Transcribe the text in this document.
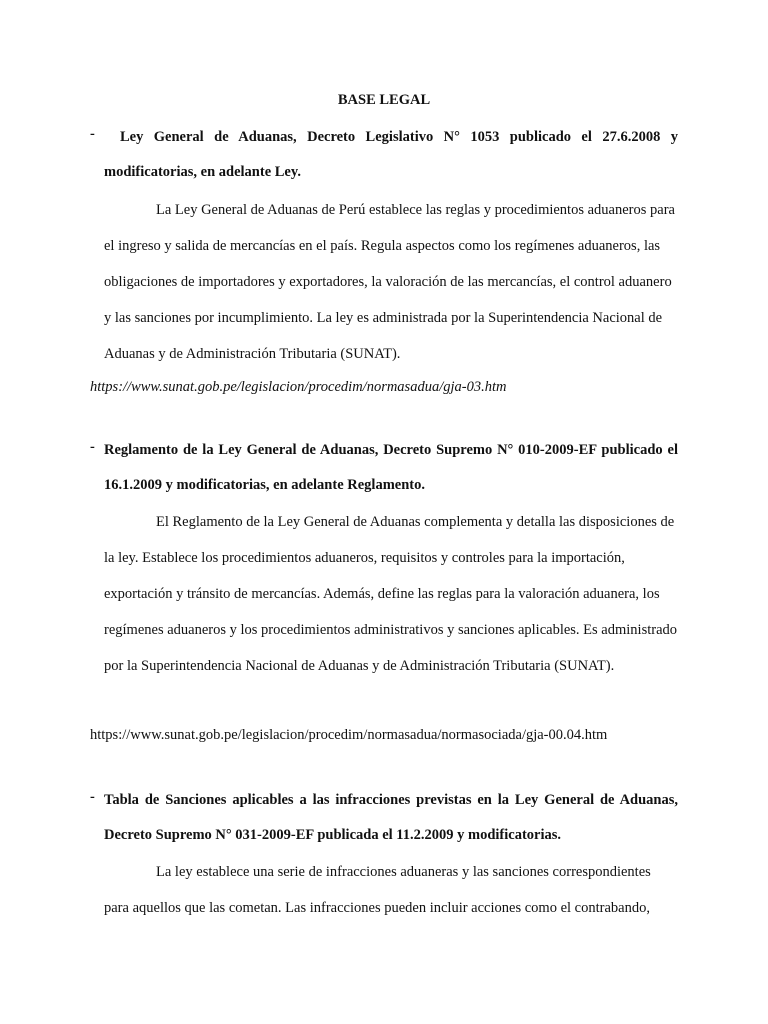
BASE LEGAL
-	Ley General de Aduanas, Decreto Legislativo N° 1053 publicado el 27.6.2008 y modificatorias, en adelante Ley.
La Ley General de Aduanas de Perú establece las reglas y procedimientos aduaneros para el ingreso y salida de mercancías en el país. Regula aspectos como los regímenes aduaneros, las obligaciones de importadores y exportadores, la valoración de las mercancías, el control aduanero y las sanciones por incumplimiento. La ley es administrada por la Superintendencia Nacional de Aduanas y de Administración Tributaria (SUNAT).
https://www.sunat.gob.pe/legislacion/procedim/normasadua/gja-03.htm
- Reglamento de la Ley General de Aduanas, Decreto Supremo N° 010-2009-EF publicado el 16.1.2009 y modificatorias, en adelante Reglamento.
El Reglamento de la Ley General de Aduanas complementa y detalla las disposiciones de la ley. Establece los procedimientos aduaneros, requisitos y controles para la importación, exportación y tránsito de mercancías. Además, define las reglas para la valoración aduanera, los regímenes aduaneros y los procedimientos administrativos y sanciones aplicables. Es administrado por la Superintendencia Nacional de Aduanas y de Administración Tributaria (SUNAT).
https://www.sunat.gob.pe/legislacion/procedim/normasadua/normasociada/gja-00.04.htm
- Tabla de Sanciones aplicables a las infracciones previstas en la Ley General de Aduanas, Decreto Supremo N° 031-2009-EF publicada el 11.2.2009 y modificatorias.
La ley establece una serie de infracciones aduaneras y las sanciones correspondientes para aquellos que las cometan. Las infracciones pueden incluir acciones como el contrabando,
